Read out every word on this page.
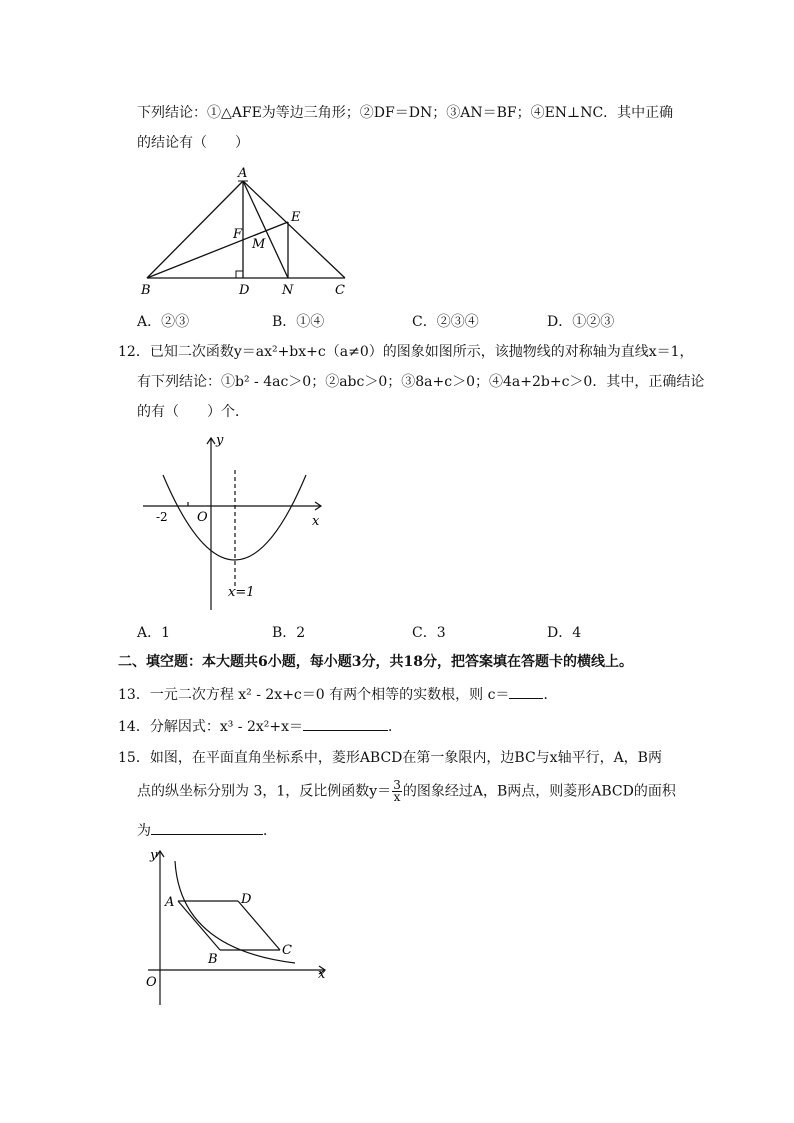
下列结论：①△AFE为等边三角形；②DF＝DN；③AN＝BF；④EN⊥NC．其中正确
的结论有（　　）
A
E
F
M
B	D	N	C
A．②③	B．①④	C．②③④	D．①②③
12．已知二次函数y＝ax²+bx+c（a≠0）的图象如图所示，该抛物线的对称轴为直线x＝1，
有下列结论：①b² - 4ac＞0；②abc＞0；③8a+c＞0；④4a+2b+c＞0．其中，正确结论
的有（　　）个．
y
x
O
-2
x=1
A．1	B．2	C．3	D．4
二、填空题：本大题共6小题，每小题3分，共18分，把答案填在答题卡的横线上。
13．一元二次方程 x² - 2x+c＝0 有两个相等的实数根，则 c＝ ．
14．分解因式：x³ - 2x²+x＝	．
15．如图，在平面直角坐标系中，菱形ABCD在第一象限内，边BC与x轴平行，A，B两
点的纵坐标分别为 3，1，反比例函数$y= \frac{3}{x}$ 的图象经过A，B两点，则菱形ABCD的面积
为	．
y
x
O
A
B
C
D
